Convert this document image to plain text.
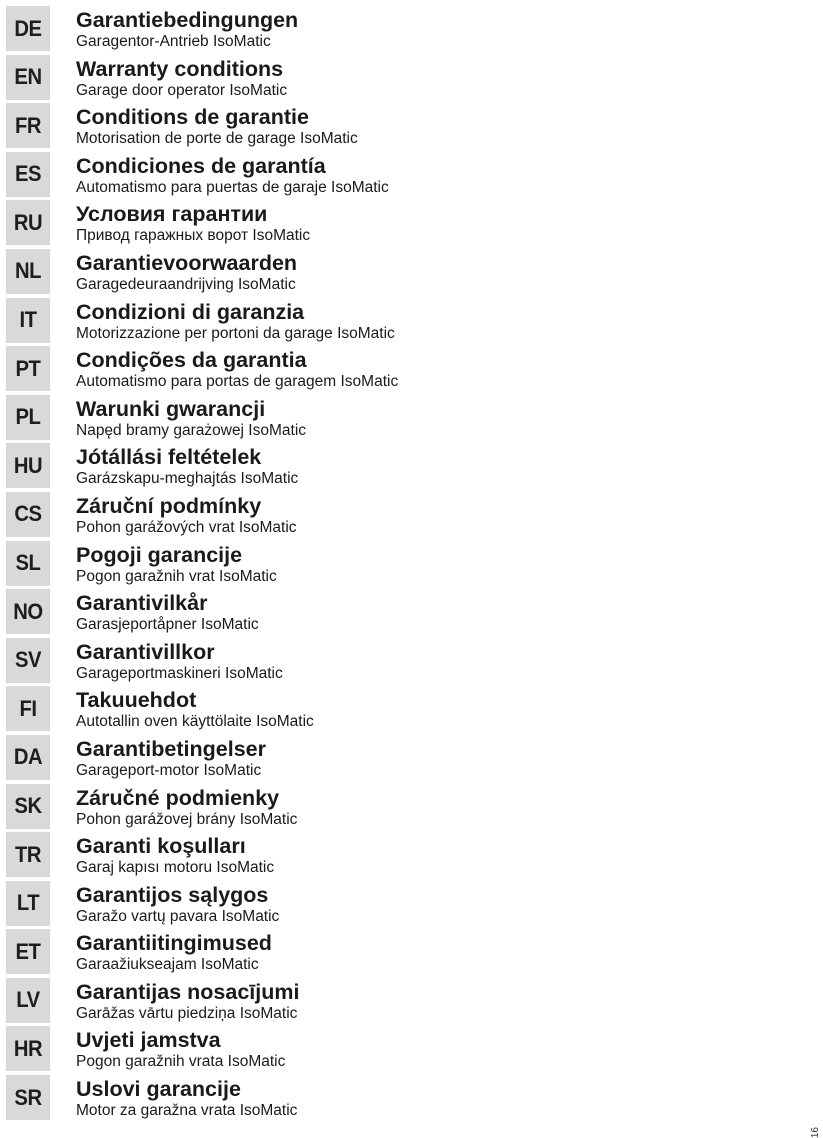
DE	Garantiebedingungen
Garagentor-Antrieb IsoMatic
EN	Warranty conditions
Garage door operator IsoMatic
FR	Conditions de garantie
Motorisation de porte de garage IsoMatic
ES	Condiciones de garantía
Automatismo para puertas de garaje IsoMatic
RU	Условия гарантии
Привод гаражных ворот IsoMatic
NL	Garantievoorwaarden
Garagedeuraandrijving IsoMatic
IT	Condizioni di garanzia
Motorizzazione per portoni da garage IsoMatic
PT	Condições da garantia
Automatismo para portas de garagem IsoMatic
PL	Warunki gwarancji
Napęd bramy garażowej IsoMatic
HU	Jótállási feltételek
Garázskapu-meghajtás IsoMatic
CS	Záruční podmínky
Pohon garážových vrat IsoMatic
SL	Pogoji garancije
Pogon garažnih vrat IsoMatic
NO	Garantivilkår
Garasjeportåpner IsoMatic
SV	Garantivillkor
Garageportmaskineri IsoMatic
FI	Takuuehdot
Autotallin oven käyttölaite IsoMatic
DA	Garantibetingelser
Garageport-motor IsoMatic
SK	Záručné podmienky
Pohon garážovej brány IsoMatic
TR	Garanti koşulları
Garaj kapısı motoru IsoMatic
LT	Garantijos sąlygos
Garažo vartų pavara IsoMatic
ET	Garantiitingimused
Garaažiukseajam IsoMatic
LV	Garantijas nosacījumi
Garāžas vārtu piedziņa IsoMatic
HR	Uvjeti jamstva
Pogon garažnih vrata IsoMatic
SR	Uslovi garancije
Motor za garažna vrata IsoMatic
16
